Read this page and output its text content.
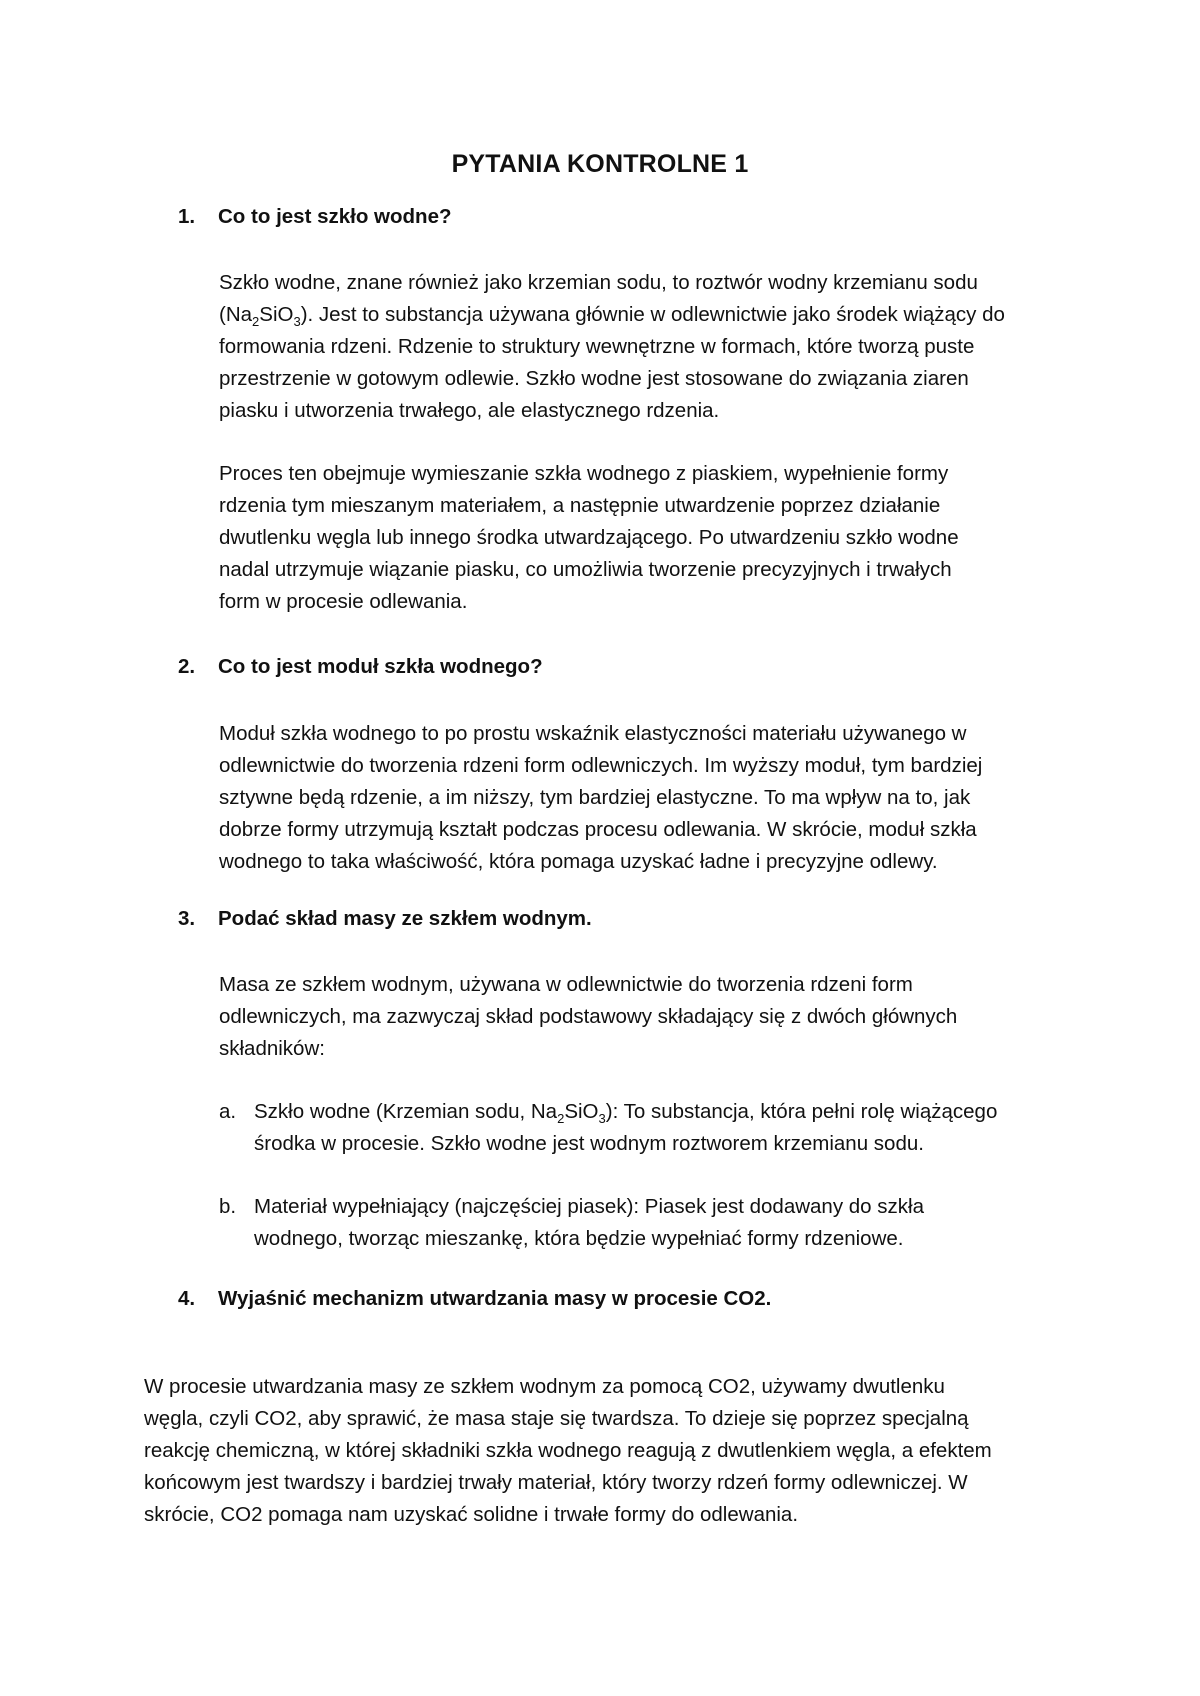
PYTANIA KONTROLNE 1
1. Co to jest szkło wodne?
Szkło wodne, znane również jako krzemian sodu, to roztwór wodny krzemianu sodu
$(Na_2SiO_3)$. Jest to substancja używana głównie w odlewnictwie jako środek wiążący do
formowania rdzeni. Rdzenie to struktury wewnętrzne w formach, które tworzą puste
przestrzenie w gotowym odlewie. Szkło wodne jest stosowane do związania ziaren
piasku i utworzenia trwałego, ale elastycznego rdzenia.
Proces ten obejmuje wymieszanie szkła wodnego z piaskiem, wypełnienie formy
rdzenia tym mieszanym materiałem, a następnie utwardzenie poprzez działanie
dwutlenku węgla lub innego środka utwardzającego. Po utwardzeniu szkło wodne
nadal utrzymuje wiązanie piasku, co umożliwia tworzenie precyzyjnych i trwałych
form w procesie odlewania.
2. Co to jest moduł szkła wodnego?
Moduł szkła wodnego to po prostu wskaźnik elastyczności materiału używanego w
odlewnictwie do tworzenia rdzeni form odlewniczych. Im wyższy moduł, tym bardziej
sztywne będą rdzenie, a im niższy, tym bardziej elastyczne. To ma wpływ na to, jak
dobrze formy utrzymują kształt podczas procesu odlewania. W skrócie, moduł szkła
wodnego to taka właściwość, która pomaga uzyskać ładne i precyzyjne odlewy.
3. Podać skład masy ze szkłem wodnym.
Masa ze szkłem wodnym, używana w odlewnictwie do tworzenia rdzeni form
odlewniczych, ma zazwyczaj skład podstawowy składający się z dwóch głównych
składników:
a. Szkło wodne (Krzemian sodu, $Na_2SiO_3$): To substancja, która pełni rolę wiążącego
środka w procesie. Szkło wodne jest wodnym roztworem krzemianu sodu.
b. Materiał wypełniający (najczęściej piasek): Piasek jest dodawany do szkła
wodnego, tworząc mieszankę, która będzie wypełniać formy rdzeniowe.
4. Wyjaśnić mechanizm utwardzania masy w procesie CO2.
W procesie utwardzania masy ze szkłem wodnym za pomocą CO2, używamy dwutlenku
węgla, czyli CO2, aby sprawić, że masa staje się twardsza. To dzieje się poprzez specjalną
reakcję chemiczną, w której składniki szkła wodnego reagują z dwutlenkiem węgla, a efektem
końcowym jest twardszy i bardziej trwały materiał, który tworzy rdzeń formy odlewniczej. W
skrócie, CO2 pomaga nam uzyskać solidne i trwałe formy do odlewania.
